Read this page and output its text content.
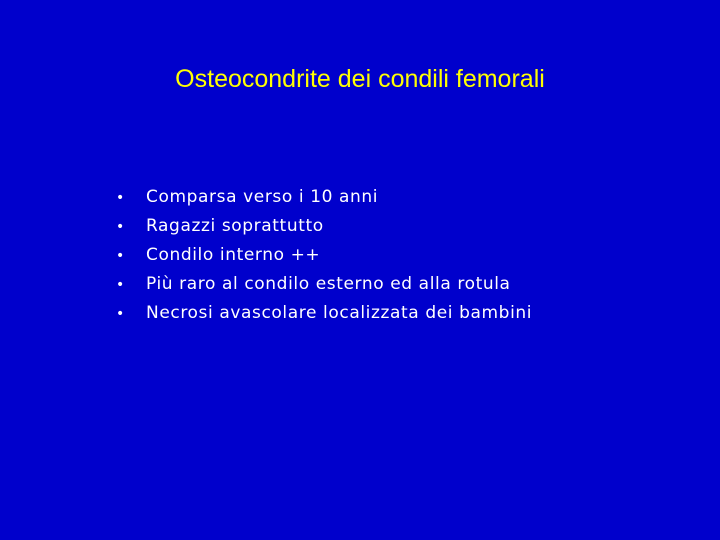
Osteocondrite dei condili femorali
•	Comparsa verso i 10 anni
•	Ragazzi soprattutto
•	Condilo interno ++
•	Più raro al condilo esterno ed alla rotula
•	Necrosi avascolare localizzata dei bambini
